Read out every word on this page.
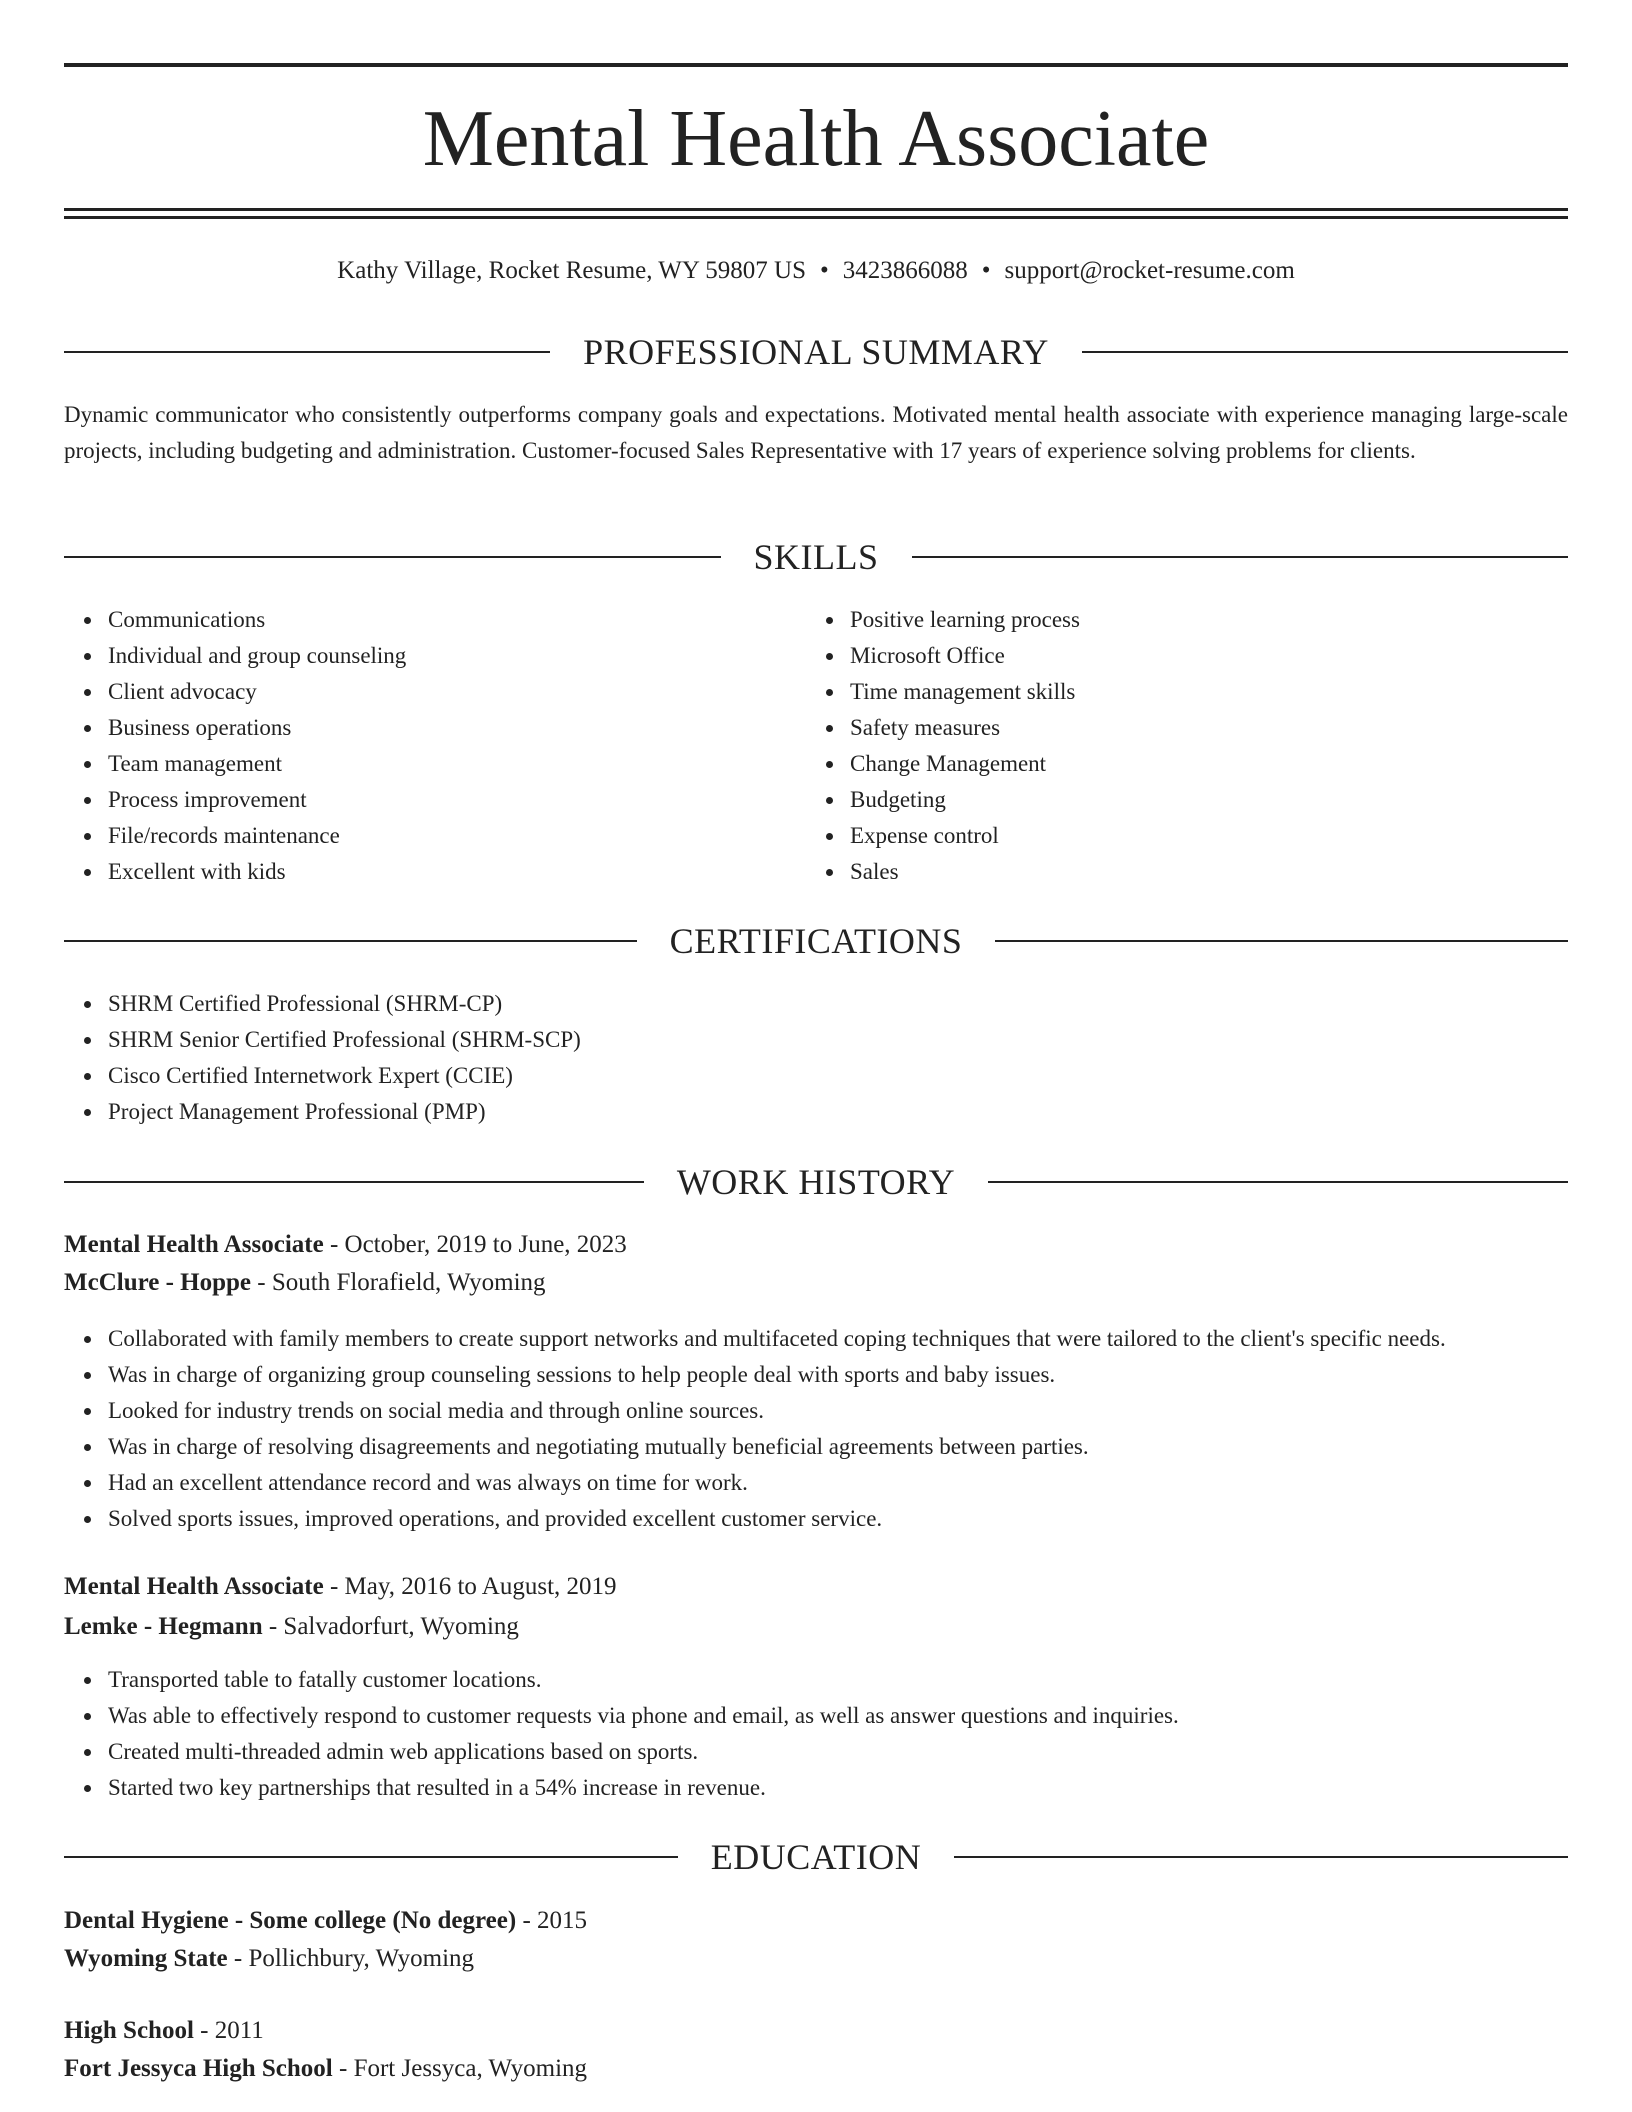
Mental Health Associate
Kathy Village, Rocket Resume, WY 59807 US • 3423866088 • support@rocket-resume.com
PROFESSIONAL SUMMARY
Dynamic communicator who consistently outperforms company goals and expectations. Motivated mental health associate with experience managing large-scale projects, including budgeting and administration. Customer-focused Sales Representative with 17 years of experience solving problems for clients.
SKILLS
Communications
Individual and group counseling
Client advocacy
Business operations
Team management
Process improvement
File/records maintenance
Excellent with kids
Positive learning process
Microsoft Office
Time management skills
Safety measures
Change Management
Budgeting
Expense control
Sales
CERTIFICATIONS
SHRM Certified Professional (SHRM-CP)
SHRM Senior Certified Professional (SHRM-SCP)
Cisco Certified Internetwork Expert (CCIE)
Project Management Professional (PMP)
WORK HISTORY
Mental Health Associate - October, 2019 to June, 2023
McClure - Hoppe - South Florafield, Wyoming
Collaborated with family members to create support networks and multifaceted coping techniques that were tailored to the client's specific needs.
Was in charge of organizing group counseling sessions to help people deal with sports and baby issues.
Looked for industry trends on social media and through online sources.
Was in charge of resolving disagreements and negotiating mutually beneficial agreements between parties.
Had an excellent attendance record and was always on time for work.
Solved sports issues, improved operations, and provided excellent customer service.
Mental Health Associate - May, 2016 to August, 2019
Lemke - Hegmann - Salvadorfurt, Wyoming
Transported table to fatally customer locations.
Was able to effectively respond to customer requests via phone and email, as well as answer questions and inquiries.
Created multi-threaded admin web applications based on sports.
Started two key partnerships that resulted in a 54% increase in revenue.
EDUCATION
Dental Hygiene - Some college (No degree) - 2015
Wyoming State - Pollichbury, Wyoming
High School - 2011
Fort Jessyca High School - Fort Jessyca, Wyoming
